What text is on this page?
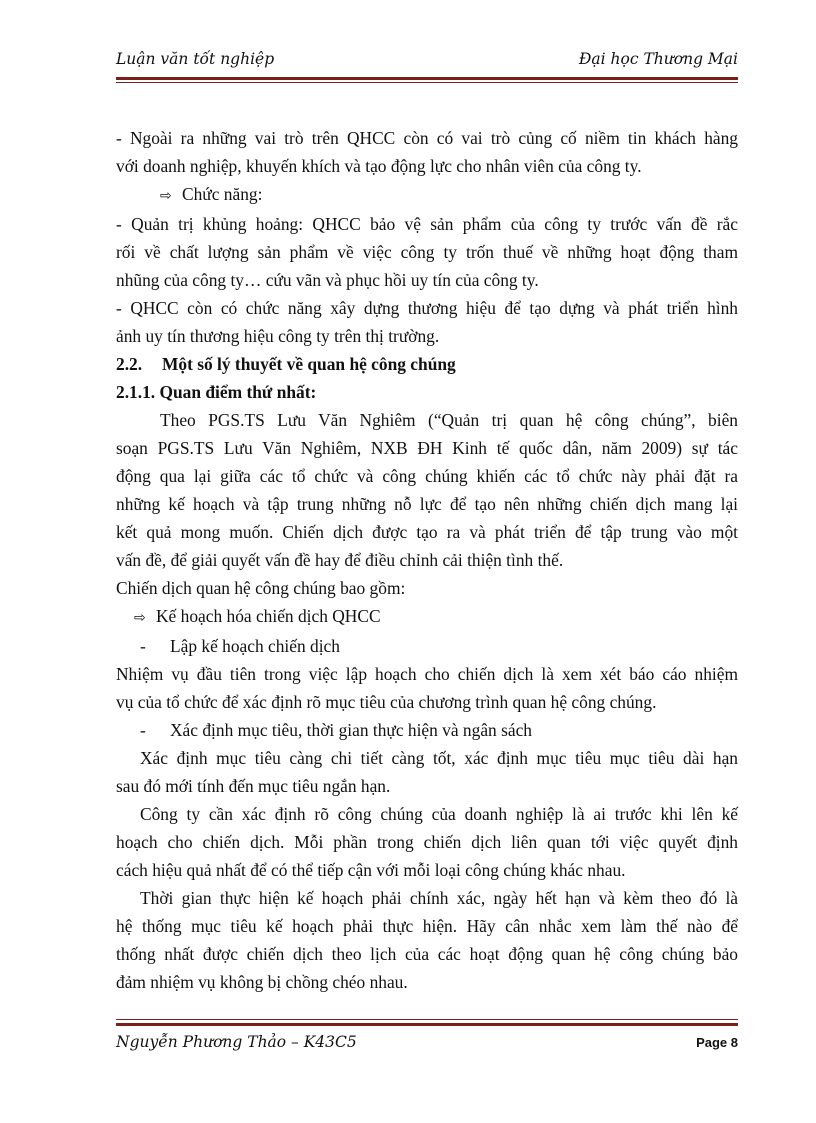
Luận văn tốt nghiệp	Đại học Thương Mại

- Ngoài ra những vai trò trên QHCC còn có vai trò củng cố niềm tin khách hàng

với doanh nghiệp, khuyến khích và tạo động lực cho nhân viên của công ty.

⇨ Chức năng:

- Quản trị khủng hoảng: QHCC bảo vệ sản phẩm của công ty trước vấn đề rắc

rối về chất lượng sản phẩm về việc công ty trốn thuế về những hoạt động tham

nhũng của công ty… cứu vãn và phục hồi uy tín của công ty.

- QHCC còn có chức năng xây dựng thương hiệu để tạo dựng và phát triển hình

ảnh uy tín thương hiệu công ty trên thị trường.

2.2. Một số lý thuyết về quan hệ công chúng

2.1.1. Quan điểm thứ nhất:

Theo PGS.TS Lưu Văn Nghiêm (“Quản trị quan hệ công chúng”, biên

soạn PGS.TS Lưu Văn Nghiêm, NXB ĐH Kinh tế quốc dân, năm 2009) sự tác

động qua lại giữa các tổ chức và công chúng khiến các tổ chức này phải đặt ra

những kế hoạch và tập trung những nỗ lực để tạo nên những chiến dịch mang lại

kết quả mong muốn. Chiến dịch được tạo ra và phát triển để tập trung vào một

vấn đề, để giải quyết vấn đề hay để điều chỉnh cải thiện tình thế.

Chiến dịch quan hệ công chúng bao gồm:

⇨ Kế hoạch hóa chiến dịch QHCC

- Lập kế hoạch chiến dịch

Nhiệm vụ đầu tiên trong việc lập hoạch cho chiến dịch là xem xét báo cáo nhiệm

vụ của tổ chức để xác định rõ mục tiêu của chương trình quan hệ công chúng.

- Xác định mục tiêu, thời gian thực hiện và ngân sách

Xác định mục tiêu càng chi tiết càng tốt, xác định mục tiêu mục tiêu dài hạn

sau đó mới tính đến mục tiêu ngắn hạn.

Công ty cần xác định rõ công chúng của doanh nghiệp là ai trước khi lên kế

hoạch cho chiến dịch. Mỗi phần trong chiến dịch liên quan tới việc quyết định

cách hiệu quả nhất để có thể tiếp cận với mỗi loại công chúng khác nhau.

Thời gian thực hiện kế hoạch phải chính xác, ngày hết hạn và kèm theo đó là

hệ thống mục tiêu kế hoạch phải thực hiện. Hãy cân nhắc xem làm thế nào để

thống nhất được chiến dịch theo lịch của các hoạt động quan hệ công chúng bảo

đảm nhiệm vụ không bị chồng chéo nhau.

Nguyễn Phương Thảo – K43C5	Page 8
